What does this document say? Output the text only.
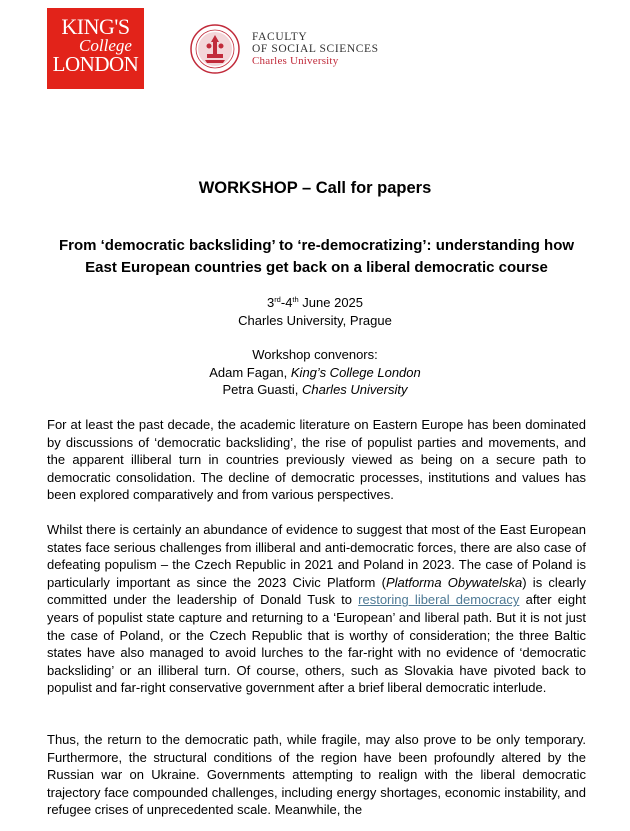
KING'S
College
LONDON
FACULTY
OF SOCIAL SCIENCES
Charles University
WORKSHOP – Call for papers
From ‘democratic backsliding’ to ‘re-democratizing’: understanding how East European countries get back on a liberal democratic course
3rd-4th June 2025
Charles University, Prague
Workshop convenors:
Adam Fagan, King’s College London
Petra Guasti, Charles University
For at least the past decade, the academic literature on Eastern Europe has been dominated by discussions of ‘democratic backsliding’, the rise of populist parties and movements, and the apparent illiberal turn in countries previously viewed as being on a secure path to democratic consolidation. The decline of democratic processes, institutions and values has been explored comparatively and from various perspectives.
Whilst there is certainly an abundance of evidence to suggest that most of the East European states face serious challenges from illiberal and anti-democratic forces, there are also case of defeating populism – the Czech Republic in 2021 and Poland in 2023. The case of Poland is particularly important as since the 2023 Civic Platform (Platforma Obywatelska) is clearly committed under the leadership of Donald Tusk to restoring liberal democracy after eight years of populist state capture and returning to a ‘European’ and liberal path. But it is not just the case of Poland, or the Czech Republic that is worthy of consideration; the three Baltic states have also managed to avoid lurches to the far-right with no evidence of ‘democratic backsliding’ or an illiberal turn. Of course, others, such as Slovakia have pivoted back to populist and far-right conservative government after a brief liberal democratic interlude.
Thus, the return to the democratic path, while fragile, may also prove to be only temporary. Furthermore, the structural conditions of the region have been profoundly altered by the Russian war on Ukraine. Governments attempting to realign with the liberal democratic trajectory face compounded challenges, including energy shortages, economic instability, and refugee crises of unprecedented scale. Meanwhile, the
